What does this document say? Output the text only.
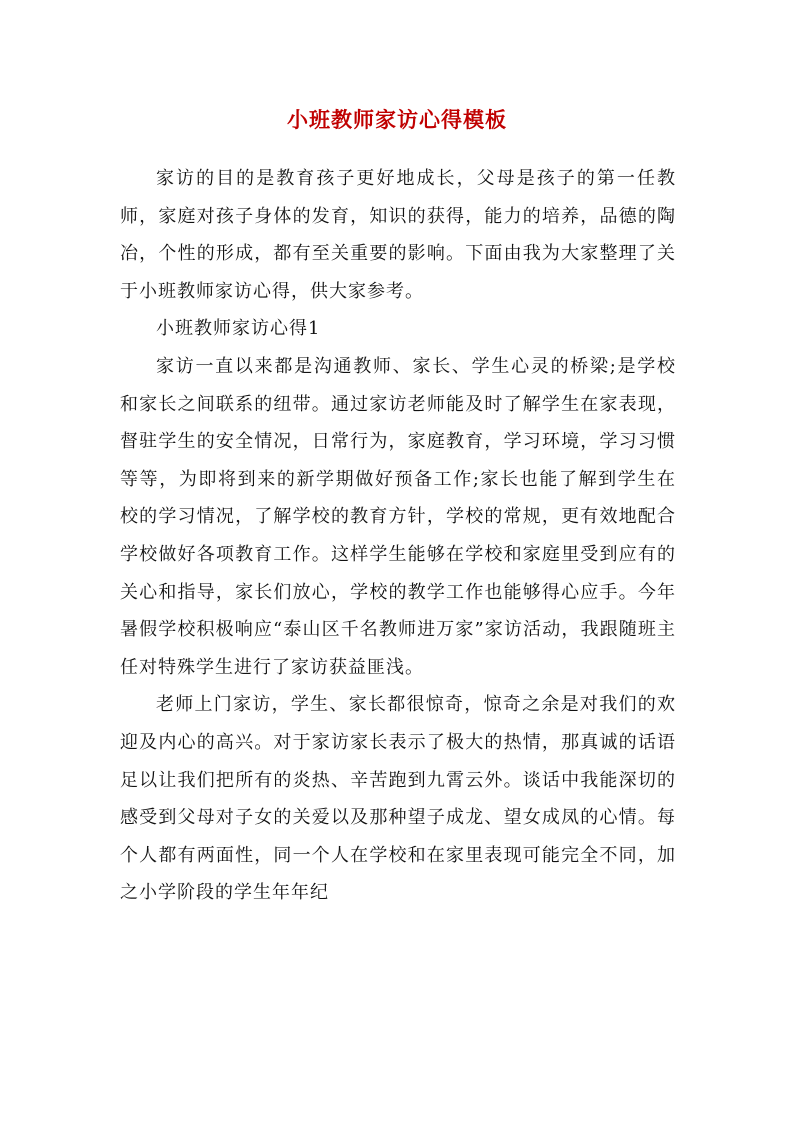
小班教师家访心得模板

家访的目的是教育孩子更好地成长，父母是孩子的第一任教师，家庭对孩子身体的发育，知识的获得，能力的培养，品德的陶冶，个性的形成，都有至关重要的影响。下面由我为大家整理了关于小班教师家访心得，供大家参考。

小班教师家访心得1

家访一直以来都是沟通教师、家长、学生心灵的桥梁;是学校和家长之间联系的纽带。通过家访老师能及时了解学生在家表现，督驻学生的安全情况，日常行为，家庭教育，学习环境，学习习惯等等，为即将到来的新学期做好预备工作;家长也能了解到学生在校的学习情况，了解学校的教育方针，学校的常规，更有效地配合学校做好各项教育工作。这样学生能够在学校和家庭里受到应有的关心和指导，家长们放心，学校的教学工作也能够得心应手。今年暑假学校积极响应“泰山区千名教师进万家”家访活动，我跟随班主任对特殊学生进行了家访获益匪浅。

老师上门家访，学生、家长都很惊奇，惊奇之余是对我们的欢迎及内心的高兴。对于家访家长表示了极大的热情，那真诚的话语足以让我们把所有的炎热、辛苦跑到九霄云外。谈话中我能深切的感受到父母对子女的关爱以及那种望子成龙、望女成凤的心情。每个人都有两面性，同一个人在学校和在家里表现可能完全不同，加之小学阶段的学生年年纪
